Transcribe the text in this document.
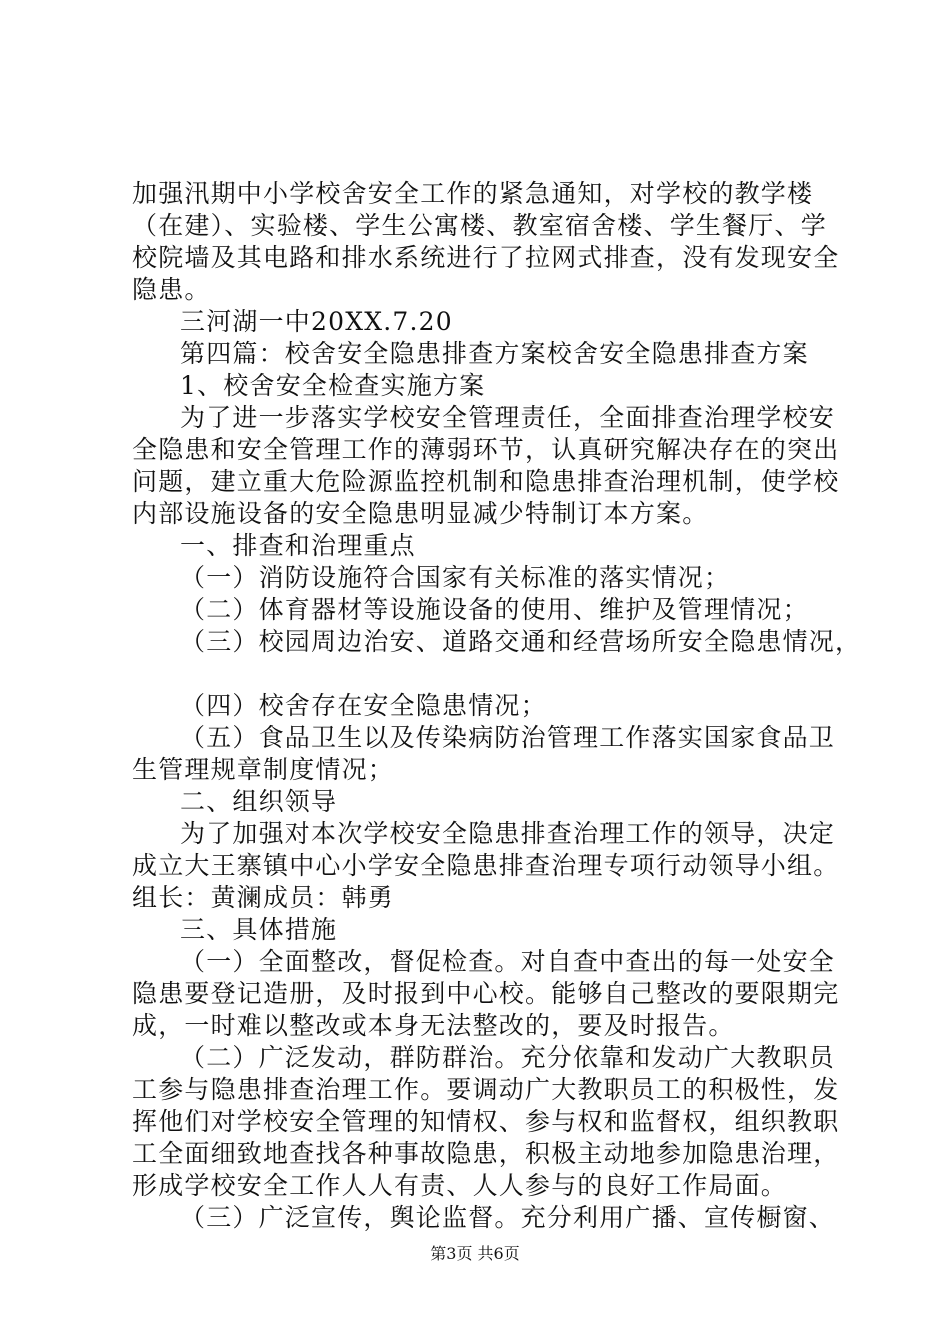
加强汛期中小学校舍安全工作的紧急通知，对学校的教学楼
（在建）、实验楼、学生公寓楼、教室宿舍楼、学生餐厅、学
校院墙及其电路和排水系统进行了拉网式排查，没有发现安全
隐患。
三河湖一中20XX.7.20
第四篇：校舍安全隐患排查方案校舍安全隐患排查方案
1、校舍安全检查实施方案
为了进一步落实学校安全管理责任，全面排查治理学校安
全隐患和安全管理工作的薄弱环节，认真研究解决存在的突出
问题，建立重大危险源监控机制和隐患排查治理机制，使学校
内部设施设备的安全隐患明显减少特制订本方案。
一、排查和治理重点
（一）消防设施符合国家有关标准的落实情况；
（二）体育器材等设施设备的使用、维护及管理情况；
（三）校园周边治安、道路交通和经营场所安全隐患情况，
（四）校舍存在安全隐患情况；
（五）食品卫生以及传染病防治管理工作落实国家食品卫
生管理规章制度情况；
二、组织领导
为了加强对本次学校安全隐患排查治理工作的领导，决定
成立大王寨镇中心小学安全隐患排查治理专项行动领导小组。
组长：黄澜成员：韩勇
三、具体措施
（一）全面整改，督促检查。对自查中查出的每一处安全
隐患要登记造册，及时报到中心校。能够自己整改的要限期完
成，一时难以整改或本身无法整改的，要及时报告。
（二）广泛发动，群防群治。充分依靠和发动广大教职员
工参与隐患排查治理工作。要调动广大教职员工的积极性，发
挥他们对学校安全管理的知情权、参与权和监督权，组织教职
工全面细致地查找各种事故隐患，积极主动地参加隐患治理，
形成学校安全工作人人有责、人人参与的良好工作局面。
（三）广泛宣传，舆论监督。充分利用广播、宣传橱窗、
第3页 共6页
